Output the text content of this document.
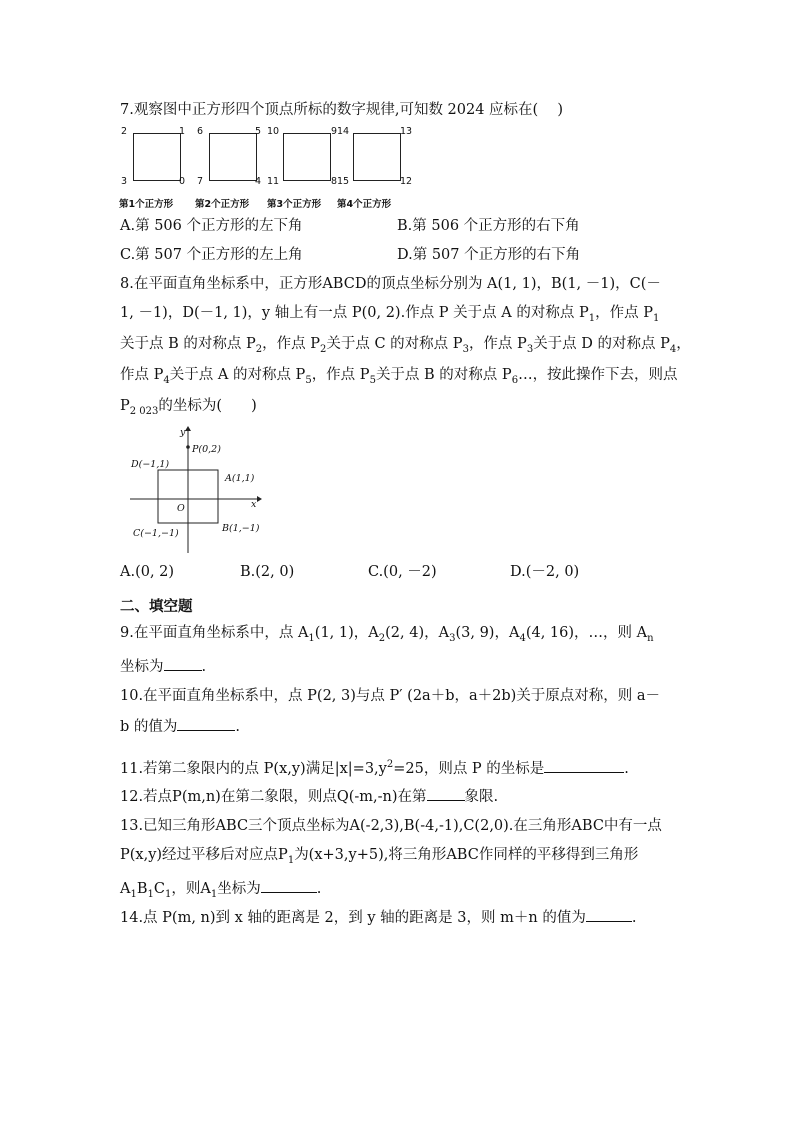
7.观察图中正方形四个顶点所标的数字规律,可知数 2024 应标在(　 )
2	1
3	0
第1个正方形
6	5
7	4
第2个正方形
10	9
11	8
第3个正方形
14	13
15	12
第4个正方形
A.第 506 个正方形的左下角	B.第 506 个正方形的右下角
C.第 507 个正方形的左上角	D.第 507 个正方形的右下角
8.在平面直角坐标系中，正方形ABCD的顶点坐标分别为 A(1, 1)，B(1, －1)，C(－
1, －1)，D(－1, 1)，y 轴上有一点 P(0, 2).作点 P 关于点 A 的对称点 $P_1$，作点 $P_1$
关于点 B 的对称点 $P_2$，作点 $P_2$关于点 C 的对称点 $P_3$，作点 $P_3$关于点 D 的对称点 $P_4$，
作点 $P_4$关于点 A 的对称点 $P_5$，作点 $P_5$关于点 B 的对称点 $P_6\dots$，按此操作下去，则点
$P_{2 023}$的坐标为(　　)
P(0,2)
D(−1,1)
A(1,1)
O
B(1,−1)
C(−1,−1)
x
y
A.(0, 2)	B.(2, 0)	C.(0, －2)	D.(－2, 0)
二、填空题
9.在平面直角坐标系中，点 $A_1(1$, 1)，$A_2(2$, 4)，$A_3(3$, 9)，$A_4(4$, 16)，…，则 $A_n$
坐标为	.
10.在平面直角坐标系中，点 P(2, 3)与点 P′ (2a＋b，a＋2b)关于原点对称，则 a－
b 的值为	.
11.若第二象限内的点 P(x,y)满足$|x|=3,y^2=25$，则点 P 的坐标是	.
12.若点P(m,n)在第二象限，则点Q(-m,-n)在第	象限.
13.已知三角形ABC三个顶点坐标为A(-2,3),B(-4,-1),C(2,0).在三角形ABC中有一点
P(x,y)经过平移后对应点$P_1$为(x+3,y+5),将三角形ABC作同样的平移得到三角形
$A_1B_1C_1$，则$A_1$坐标为	.
14.点 P(m, n)到 x 轴的距离是 2，到 y 轴的距离是 3，则 m＋n 的值为	.
